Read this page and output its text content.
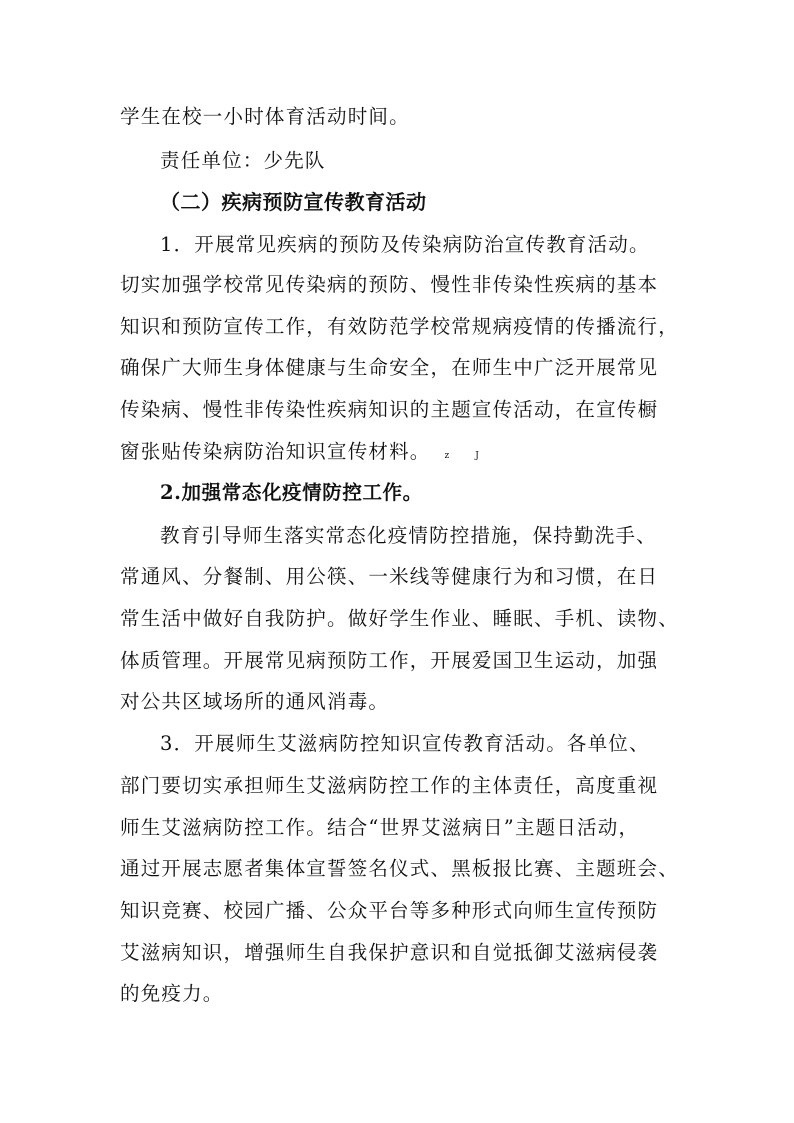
学生在校一小时体育活动时间。
责任单位：少先队
（二）疾病预防宣传教育活动
1．开展常见疾病的预防及传染病防治宣传教育活动。
切实加强学校常见传染病的预防、慢性非传染性疾病的基本
知识和预防宣传工作，有效防范学校常规病疫情的传播流行，
确保广大师生身体健康与生命安全，在师生中广泛开展常见
传染病、慢性非传染性疾病知识的主题宣传活动，在宣传橱
窗张贴传染病防治知识宣传材料。 z	J
2.加强常态化疫情防控工作。
教育引导师生落实常态化疫情防控措施，保持勤洗手、
常通风、分餐制、用公筷、一米线等健康行为和习惯，在日
常生活中做好自我防护。做好学生作业、睡眠、手机、读物、
体质管理。开展常见病预防工作，开展爱国卫生运动，加强
对公共区域场所的通风消毒。
3．开展师生艾滋病防控知识宣传教育活动。各单位、
部门要切实承担师生艾滋病防控工作的主体责任，高度重视
师生艾滋病防控工作。结合“世界艾滋病日”主题日活动，
通过开展志愿者集体宣誓签名仪式、黑板报比赛、主题班会、
知识竞赛、校园广播、公众平台等多种形式向师生宣传预防
艾滋病知识，增强师生自我保护意识和自觉抵御艾滋病侵袭
的免疫力。
